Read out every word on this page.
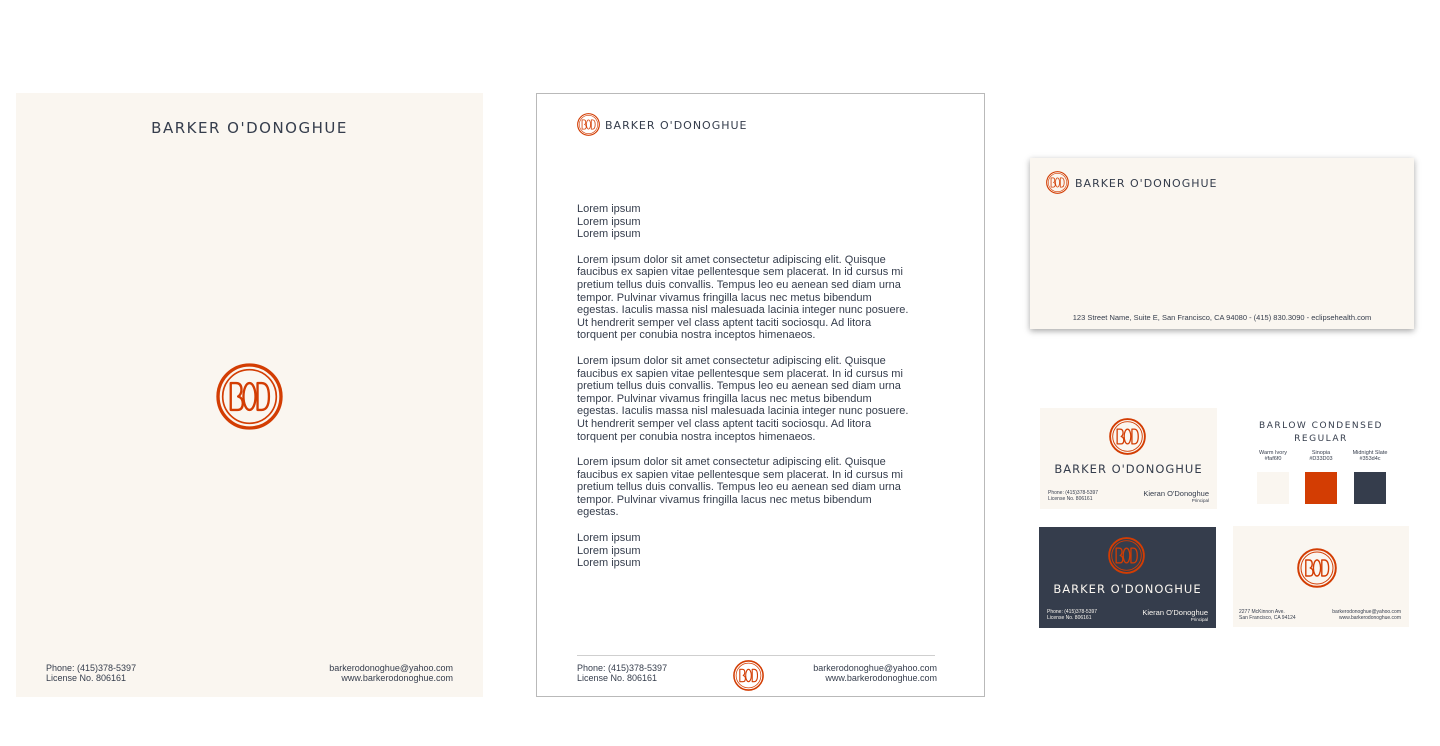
BARKER O'DONOGHUE
Phone: (415)378-5397
License No. 806161
barkerodonoghue@yahoo.com
www.barkerodonoghue.com
BARKER O'DONOGHUE

Lorem ipsum
Lorem ipsum
Lorem ipsum

Lorem ipsum dolor sit amet consectetur adipiscing elit. Quisque faucibus ex sapien vitae pellentesque sem placerat. In id cursus mi pretium tellus duis convallis. Tempus leo eu aenean sed diam urna tempor. Pulvinar vivamus fringilla lacus nec metus bibendum egestas. Iaculis massa nisl malesuada lacinia integer nunc posuere. Ut hendrerit semper vel class aptent taciti sociosqu. Ad litora torquent per conubia nostra inceptos himenaeos.

Lorem ipsum dolor sit amet consectetur adipiscing elit. Quisque faucibus ex sapien vitae pellentesque sem placerat. In id cursus mi pretium tellus duis convallis. Tempus leo eu aenean sed diam urna tempor. Pulvinar vivamus fringilla lacus nec metus bibendum egestas. Iaculis massa nisl malesuada lacinia integer nunc posuere. Ut hendrerit semper vel class aptent taciti sociosqu. Ad litora torquent per conubia nostra inceptos himenaeos.

Lorem ipsum dolor sit amet consectetur adipiscing elit. Quisque faucibus ex sapien vitae pellentesque sem placerat. In id cursus mi pretium tellus duis convallis. Tempus leo eu aenean sed diam urna tempor. Pulvinar vivamus fringilla lacus nec metus bibendum egestas.

Lorem ipsum
Lorem ipsum
Lorem ipsum

Phone: (415)378-5397
License No. 806161
barkerodonoghue@yahoo.com
www.barkerodonoghue.com
BARKER O'DONOGHUE
123 Street Name, Suite E, San Francisco, CA 94080 - (415) 830.3090 - eclipsehealth.com
BARKER O'DONOGHUE
Phone: (415)378-5397
License No. 806161
Kieran O'Donoghue
Principal
BARKER O'DONOGHUE
Phone: (415)378-5397
License No. 806161
Kieran O'Donoghue
Principal
2277 McKinnon Ave.
San Francisco, CA 94124
barkerodonoghue@yahoo.com
www.barkerodonoghue.com
BARLOW CONDENSED
REGULAR
Warm Ivory
#faf6f0
Sinopia
#D33D03
Midnight Slate
#353d4c
